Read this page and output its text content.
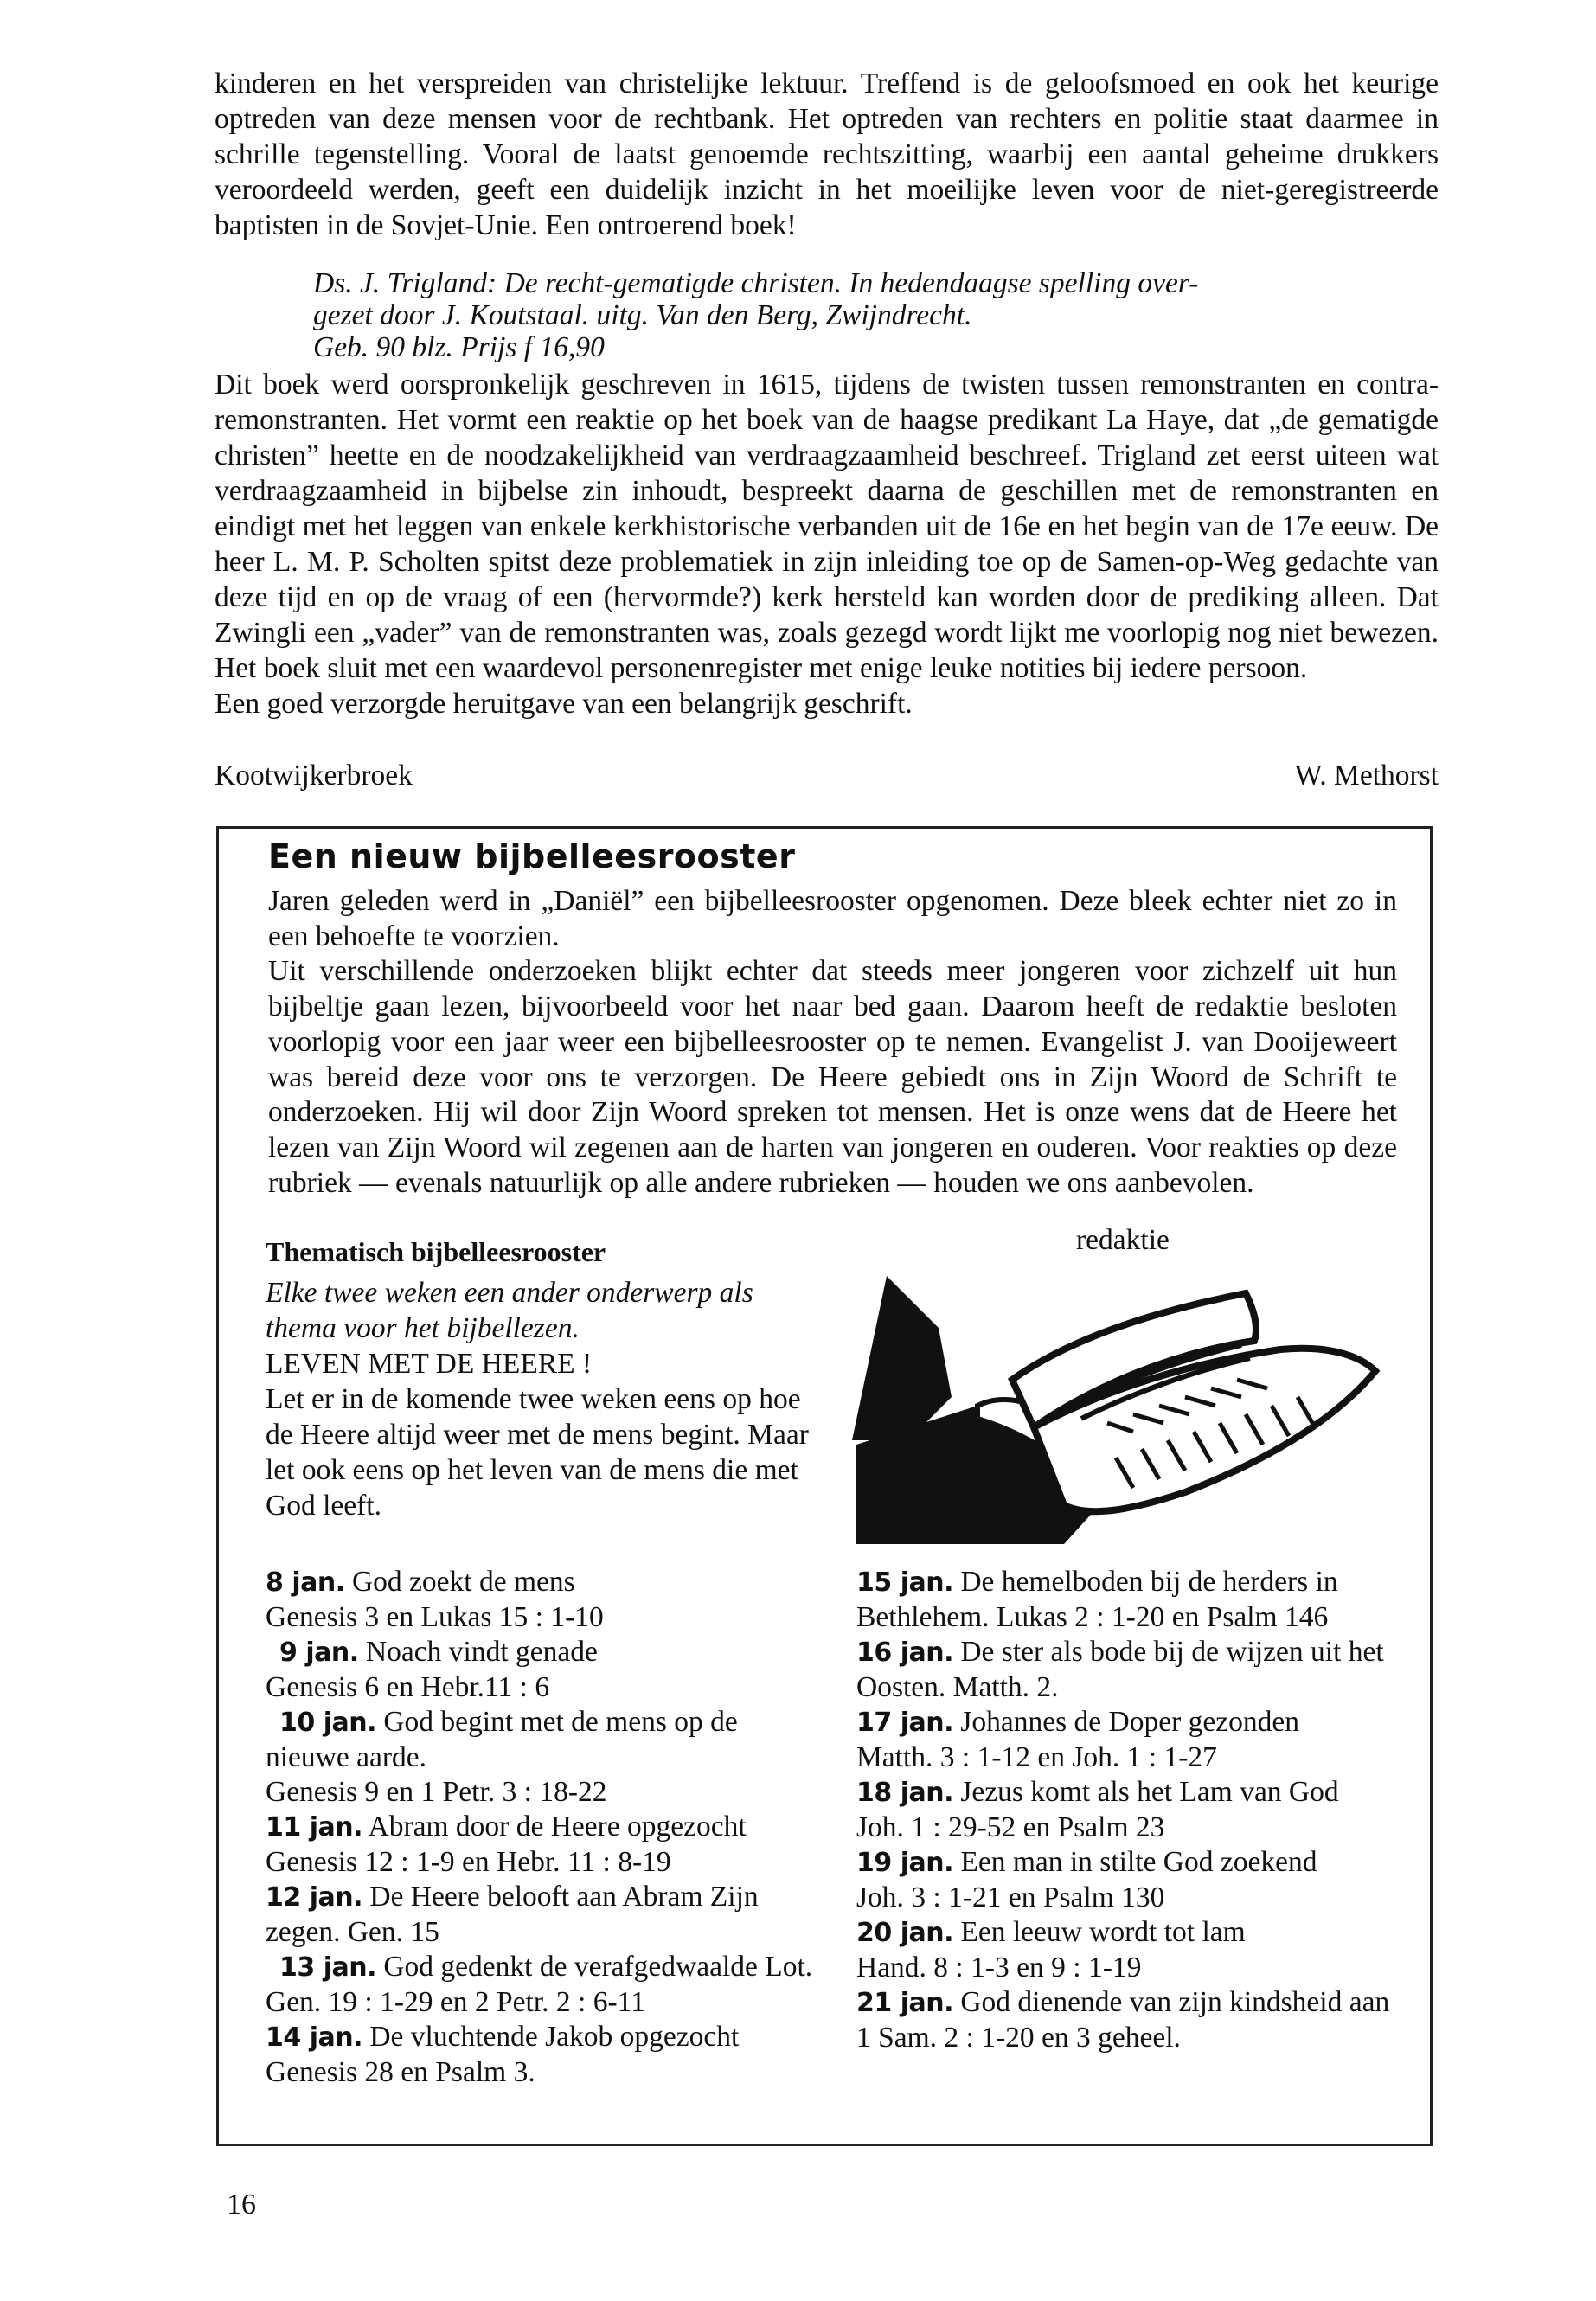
kinderen en het verspreiden van christelijke lektuur. Treffend is de geloofsmoed en ook het keurige optreden van deze mensen voor de rechtbank. Het optreden van rechters en politie staat daarmee in schrille tegenstelling. Vooral de laatst genoemde rechtszitting, waarbij een aantal geheime drukkers veroordeeld werden, geeft een duidelijk inzicht in het moeilijke leven voor de niet-geregistreerde baptisten in de Sovjet-Unie. Een ontroerend boek!

Ds. J. Trigland: De recht-gematigde christen. In hedendaagse spelling over-
gezet door J. Koutstaal. uitg. Van den Berg, Zwijndrecht.
Geb. 90 blz. Prijs f 16,90

Dit boek werd oorspronkelijk geschreven in 1615, tijdens de twisten tussen remonstranten en contra-remonstranten. Het vormt een reaktie op het boek van de haagse predikant La Haye, dat „de gematigde christen” heette en de noodzakelijkheid van verdraagzaamheid beschreef. Trigland zet eerst uiteen wat verdraagzaamheid in bijbelse zin inhoudt, bespreekt daarna de geschillen met de remonstranten en eindigt met het leggen van enkele kerkhistorische verbanden uit de 16e en het begin van de 17e eeuw. De heer L. M. P. Scholten spitst deze problematiek in zijn inleiding toe op de Samen-op-Weg gedachte van deze tijd en op de vraag of een (hervormde?) kerk hersteld kan worden door de prediking alleen. Dat Zwingli een „vader” van de remonstranten was, zoals gezegd wordt lijkt me voorlopig nog niet bewezen. Het boek sluit met een waardevol personenregister met enige leuke notities bij iedere persoon.

Een goed verzorgde heruitgave van een belangrijk geschrift.

Kootwijkerbroek	W. Methorst
Een nieuw bijbelleesrooster
Jaren geleden werd in „Daniël” een bijbelleesrooster opgenomen. Deze bleek echter niet zo in een behoefte te voorzien.
Uit verschillende onderzoeken blijkt echter dat steeds meer jongeren voor zichzelf uit hun bijbeltje gaan lezen, bijvoorbeeld voor het naar bed gaan. Daarom heeft de redaktie besloten voorlopig voor een jaar weer een bijbelleesrooster op te nemen. Evangelist J. van Dooijeweert was bereid deze voor ons te verzorgen. De Heere gebiedt ons in Zijn Woord de Schrift te onderzoeken. Hij wil door Zijn Woord spreken tot mensen. Het is onze wens dat de Heere het lezen van Zijn Woord wil zegenen aan de harten van jongeren en ouderen. Voor reakties op deze rubriek — evenals natuurlijk op alle andere rubrieken — houden we ons aanbevolen.
redaktie
Thematisch bijbelleesrooster

Elke twee weken een ander onderwerp als thema voor het bijbellezen.

LEVEN MET DE HEERE !

Let er in de komende twee weken eens op hoe de Heere altijd weer met de mens begint. Maar let ook eens op het leven van de mens die met God leeft.

8 jan. God zoekt de mens
Genesis 3 en Lukas 15 : 1-10
9 jan. Noach vindt genade
Genesis 6 en Hebr.11 : 6
10 jan. God begint met de mens op de nieuwe aarde.
Genesis 9 en 1 Petr. 3 : 18-22
11 jan. Abram door de Heere opgezocht
Genesis 12 : 1-9 en Hebr. 11 : 8-19
12 jan. De Heere belooft aan Abram Zijn zegen. Gen. 15
13 jan. God gedenkt de verafgedwaalde Lot. Gen. 19 : 1-29 en 2 Petr. 2 : 6-11
14 jan. De vluchtende Jakob opgezocht
Genesis 28 en Psalm 3.
15 jan. De hemelboden bij de herders in Bethlehem. Lukas 2 : 1-20 en Psalm 146
16 jan. De ster als bode bij de wijzen uit het Oosten. Matth. 2.
17 jan. Johannes de Doper gezonden
Matth. 3 : 1-12 en Joh. 1 : 1-27
18 jan. Jezus komt als het Lam van God
Joh. 1 : 29-52 en Psalm 23
19 jan. Een man in stilte God zoekend
Joh. 3 : 1-21 en Psalm 130
20 jan. Een leeuw wordt tot lam
Hand. 8 : 1-3 en 9 : 1-19
21 jan. God dienende van zijn kindsheid aan
1 Sam. 2 : 1-20 en 3 geheel.
16
